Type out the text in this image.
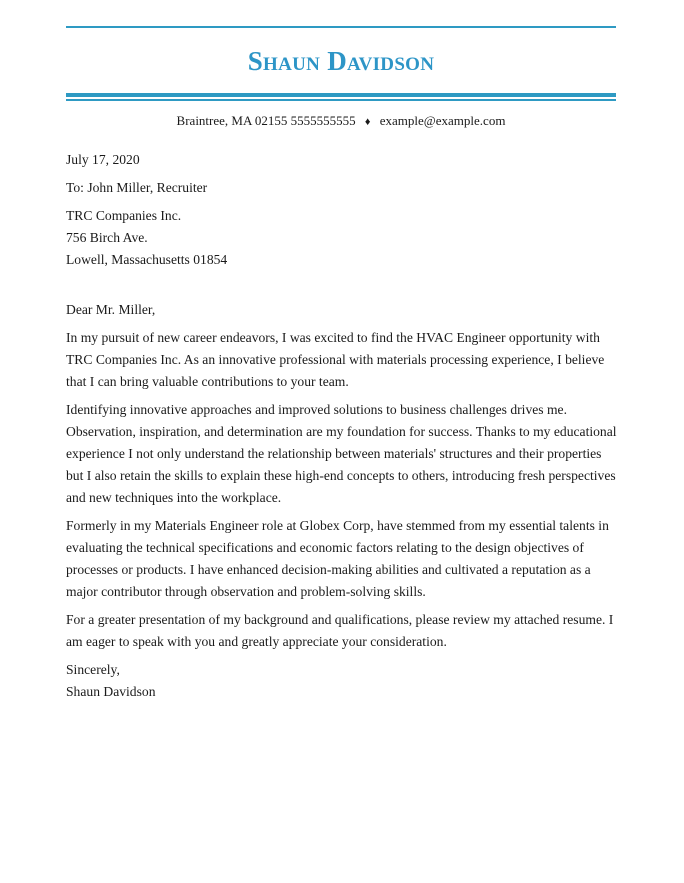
Shaun Davidson
Braintree, MA 02155 5555555555 ♦ example@example.com

July 17, 2020

To: John Miller, Recruiter

TRC Companies Inc.

756 Birch Ave.

Lowell, Massachusetts 01854

Dear Mr. Miller,

In my pursuit of new career endeavors, I was excited to find the HVAC Engineer opportunity with TRC Companies Inc. As an innovative professional with materials processing experience, I believe that I can bring valuable contributions to your team.

Identifying innovative approaches and improved solutions to business challenges drives me. Observation, inspiration, and determination are my foundation for success. Thanks to my educational experience I not only understand the relationship between materials' structures and their properties but I also retain the skills to explain these high-end concepts to others, introducing fresh perspectives and new techniques into the workplace.

Formerly in my Materials Engineer role at Globex Corp, have stemmed from my essential talents in evaluating the technical specifications and economic factors relating to the design objectives of processes or products. I have enhanced decision-making abilities and cultivated a reputation as a major contributor through observation and problem-solving skills.

For a greater presentation of my background and qualifications, please review my attached resume. I am eager to speak with you and greatly appreciate your consideration.

Sincerely,

Shaun Davidson
